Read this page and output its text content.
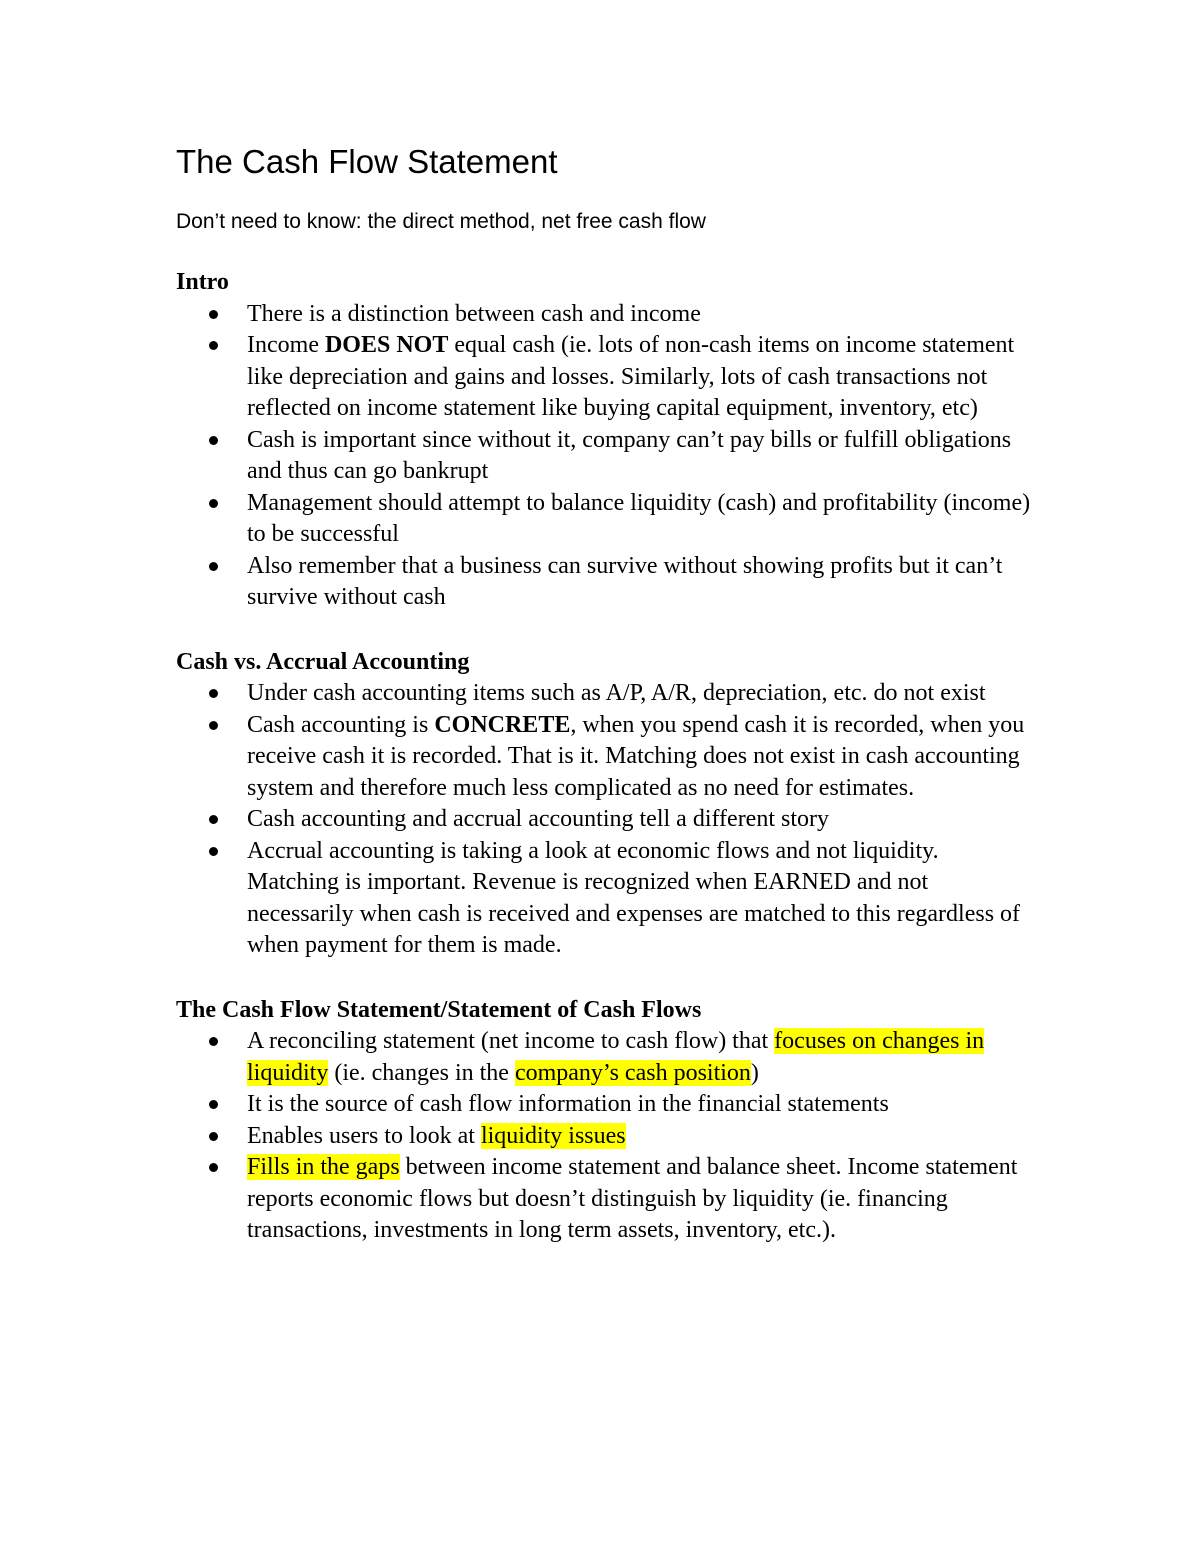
The Cash Flow Statement

Don’t need to know: the direct method, net free cash flow

Intro
There is a distinction between cash and income
Income DOES NOT equal cash (ie. lots of non-cash items on income statement like depreciation and gains and losses. Similarly, lots of cash transactions not reflected on income statement like buying capital equipment, inventory, etc)
Cash is important since without it, company can’t pay bills or fulfill obligations and thus can go bankrupt
Management should attempt to balance liquidity (cash) and profitability (income) to be successful
Also remember that a business can survive without showing profits but it can’t survive without cash
Cash vs. Accrual Accounting
Under cash accounting items such as A/P, A/R, depreciation, etc. do not exist
Cash accounting is CONCRETE, when you spend cash it is recorded, when you receive cash it is recorded. That is it. Matching does not exist in cash accounting system and therefore much less complicated as no need for estimates.
Cash accounting and accrual accounting tell a different story
Accrual accounting is taking a look at economic flows and not liquidity. Matching is important. Revenue is recognized when EARNED and not necessarily when cash is received and expenses are matched to this regardless of when payment for them is made.
The Cash Flow Statement/Statement of Cash Flows
A reconciling statement (net income to cash flow) that focuses on changes in liquidity (ie. changes in the company’s cash position)
It is the source of cash flow information in the financial statements
Enables users to look at liquidity issues
Fills in the gaps between income statement and balance sheet. Income statement reports economic flows but doesn’t distinguish by liquidity (ie. financing transactions, investments in long term assets, inventory, etc.).
